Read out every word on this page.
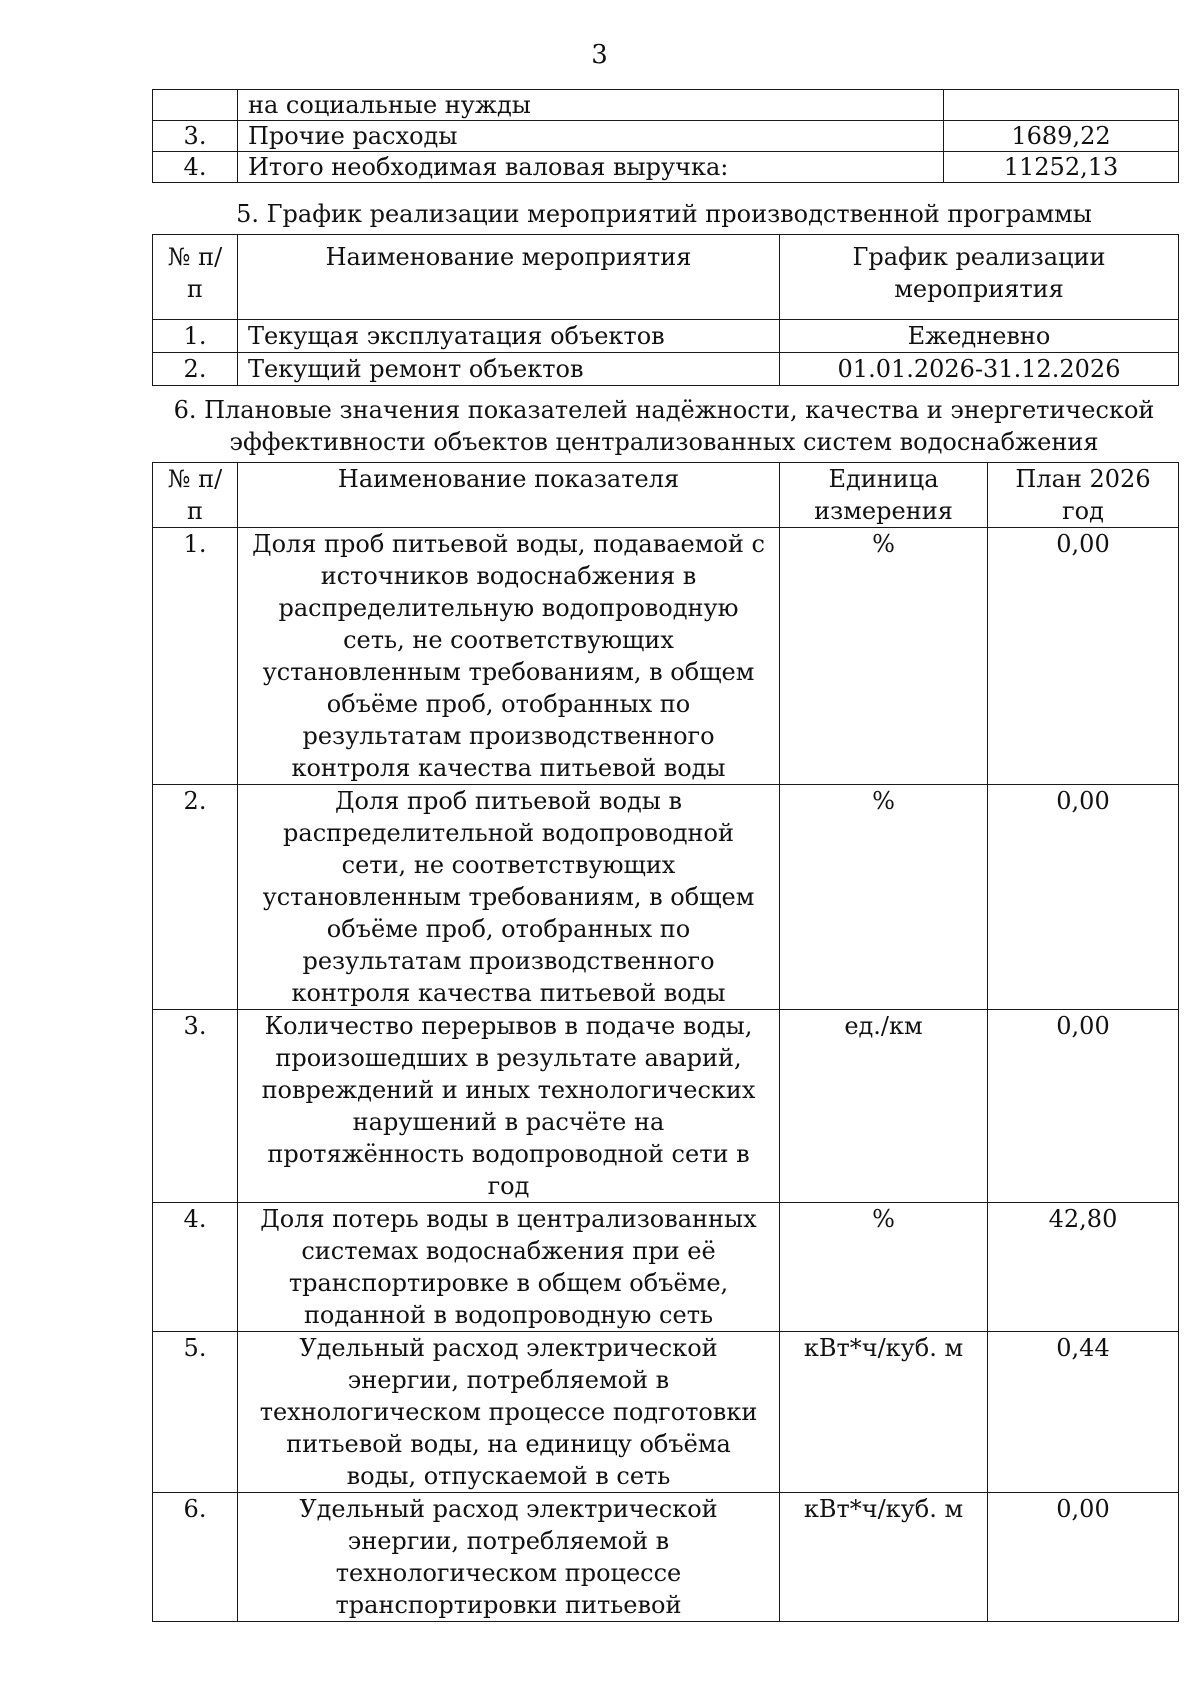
3
	на социальные нужды	
3.	Прочие расходы	1689,22
4.	Итого необходимая валовая выручка:	11252,13
5. График реализации мероприятий производственной программы
№ п/п	Наименование мероприятия	График реализации мероприятия
1.	Текущая эксплуатация объектов	Ежедневно
2.	Текущий ремонт объектов	01.01.2026-31.12.2026
6. Плановые значения показателей надёжности, качества и энергетической
эффективности объектов централизованных систем водоснабжения
№ п/п	Наименование показателя	Единица измерения	План 2026 год
1.	Доля проб питьевой воды, подаваемой с источников водоснабжения в распределительную водопроводную сеть, не соответствующих установленным требованиям, в общем объёме проб, отобранных по результатам производственного контроля качества питьевой воды	%	0,00
2.	Доля проб питьевой воды в распределительной водопроводной сети, не соответствующих установленным требованиям, в общем объёме проб, отобранных по результатам производственного контроля качества питьевой воды	%	0,00
3.	Количество перерывов в подаче воды, произошедших в результате аварий, повреждений и иных технологических нарушений в расчёте на протяжённость водопроводной сети в год	ед./км	0,00
4.	Доля потерь воды в централизованных системах водоснабжения при её транспортировке в общем объёме, поданной в водопроводную сеть	%	42,80
5.	Удельный расход электрической энергии, потребляемой в технологическом процессе подготовки питьевой воды, на единицу объёма воды, отпускаемой в сеть	кВт*ч/куб. м	0,44
6.	Удельный расход электрической энергии, потребляемой в технологическом процессе транспортировки питьевой	кВт*ч/куб. м	0,00
